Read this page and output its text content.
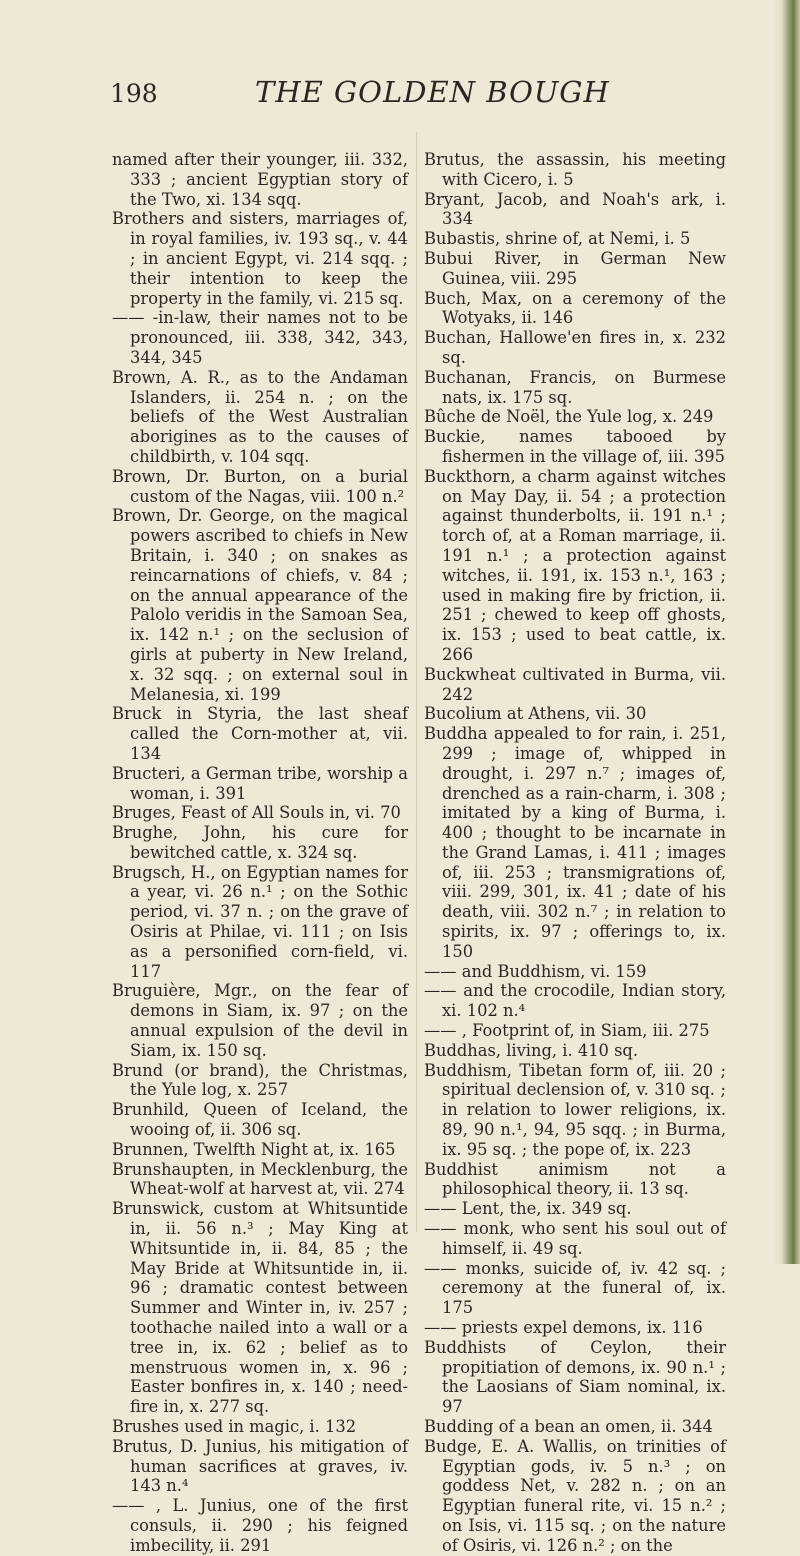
198	THE GOLDEN BOUGH

named after their younger, iii. 332, 333 ; ancient Egyptian story of the Two, xi. 134 sqq.

Brothers and sisters, marriages of, in royal families, iv. 193 sq., v. 44 ; in ancient Egypt, vi. 214 sqq. ; their intention to keep the property in the family, vi. 215 sq.

—— -in-law, their names not to be pronounced, iii. 338, 342, 343, 344, 345

Brown, A. R., as to the Andaman Islanders, ii. 254 n. ; on the beliefs of the West Australian aborigines as to the causes of childbirth, v. 104 sqq.

Brown, Dr. Burton, on a burial custom of the Nagas, viii. 100 n.²

Brown, Dr. George, on the magical powers ascribed to chiefs in New Britain, i. 340 ; on snakes as reincarnations of chiefs, v. 84 ; on the annual appearance of the Palolo veridis in the Samoan Sea, ix. 142 n.¹ ; on the seclusion of girls at puberty in New Ireland, x. 32 sqq. ; on external soul in Melanesia, xi. 199

Bruck in Styria, the last sheaf called the Corn-mother at, vii. 134

Bructeri, a German tribe, worship a woman, i. 391

Bruges, Feast of All Souls in, vi. 70

Brughe, John, his cure for bewitched cattle, x. 324 sq.

Brugsch, H., on Egyptian names for a year, vi. 26 n.¹ ; on the Sothic period, vi. 37 n. ; on the grave of Osiris at Philae, vi. 111 ; on Isis as a personified corn-field, vi. 117

Bruguière, Mgr., on the fear of demons in Siam, ix. 97 ; on the annual expulsion of the devil in Siam, ix. 150 sq.

Brund (or brand), the Christmas, the Yule log, x. 257

Brunhild, Queen of Iceland, the wooing of, ii. 306 sq.

Brunnen, Twelfth Night at, ix. 165

Brunshaupten, in Mecklenburg, the Wheat-wolf at harvest at, vii. 274

Brunswick, custom at Whitsuntide in, ii. 56 n.³ ; May King at Whitsuntide in, ii. 84, 85 ; the May Bride at Whitsuntide in, ii. 96 ; dramatic contest between Summer and Winter in, iv. 257 ; toothache nailed into a wall or a tree in, ix. 62 ; belief as to menstruous women in, x. 96 ; Easter bonfires in, x. 140 ; need-fire in, x. 277 sq.

Brushes used in magic, i. 132

Brutus, D. Junius, his mitigation of human sacrifices at graves, iv. 143 n.⁴

—— , L. Junius, one of the first consuls, ii. 290 ; his feigned imbecility, ii. 291

Brutus, the assassin, his meeting with Cicero, i. 5

Bryant, Jacob, and Noah's ark, i. 334

Bubastis, shrine of, at Nemi, i. 5

Bubui River, in German New Guinea, viii. 295

Buch, Max, on a ceremony of the Wotyaks, ii. 146

Buchan, Hallowe'en fires in, x. 232 sq.

Buchanan, Francis, on Burmese nats, ix. 175 sq.

Bûche de Noël, the Yule log, x. 249

Buckie, names tabooed by fishermen in the village of, iii. 395

Buckthorn, a charm against witches on May Day, ii. 54 ; a protection against thunderbolts, ii. 191 n.¹ ; torch of, at a Roman marriage, ii. 191 n.¹ ; a protection against witches, ii. 191, ix. 153 n.¹, 163 ; used in making fire by friction, ii. 251 ; chewed to keep off ghosts, ix. 153 ; used to beat cattle, ix. 266

Buckwheat cultivated in Burma, vii. 242

Bucolium at Athens, vii. 30

Buddha appealed to for rain, i. 251, 299 ; image of, whipped in drought, i. 297 n.⁷ ; images of, drenched as a rain-charm, i. 308 ; imitated by a king of Burma, i. 400 ; thought to be incarnate in the Grand Lamas, i. 411 ; images of, iii. 253 ; transmigrations of, viii. 299, 301, ix. 41 ; date of his death, viii. 302 n.⁷ ; in relation to spirits, ix. 97 ; offerings to, ix. 150

—— and Buddhism, vi. 159

—— and the crocodile, Indian story, xi. 102 n.⁴

—— , Footprint of, in Siam, iii. 275

Buddhas, living, i. 410 sq.

Buddhism, Tibetan form of, iii. 20 ; spiritual declension of, v. 310 sq. ; in relation to lower religions, ix. 89, 90 n.¹, 94, 95 sqq. ; in Burma, ix. 95 sq. ; the pope of, ix. 223

Buddhist animism not a philosophical theory, ii. 13 sq.

—— Lent, the, ix. 349 sq.

—— monk, who sent his soul out of himself, ii. 49 sq.

—— monks, suicide of, iv. 42 sq. ; ceremony at the funeral of, ix. 175

—— priests expel demons, ix. 116

Buddhists of Ceylon, their propitiation of demons, ix. 90 n.¹ ; the Laosians of Siam nominal, ix. 97

Budding of a bean an omen, ii. 344

Budge, E. A. Wallis, on trinities of Egyptian gods, iv. 5 n.³ ; on goddess Net, v. 282 n. ; on an Egyptian funeral rite, vi. 15 n.² ; on Isis, vi. 115 sq. ; on the nature of Osiris, vi. 126 n.² ; on the
